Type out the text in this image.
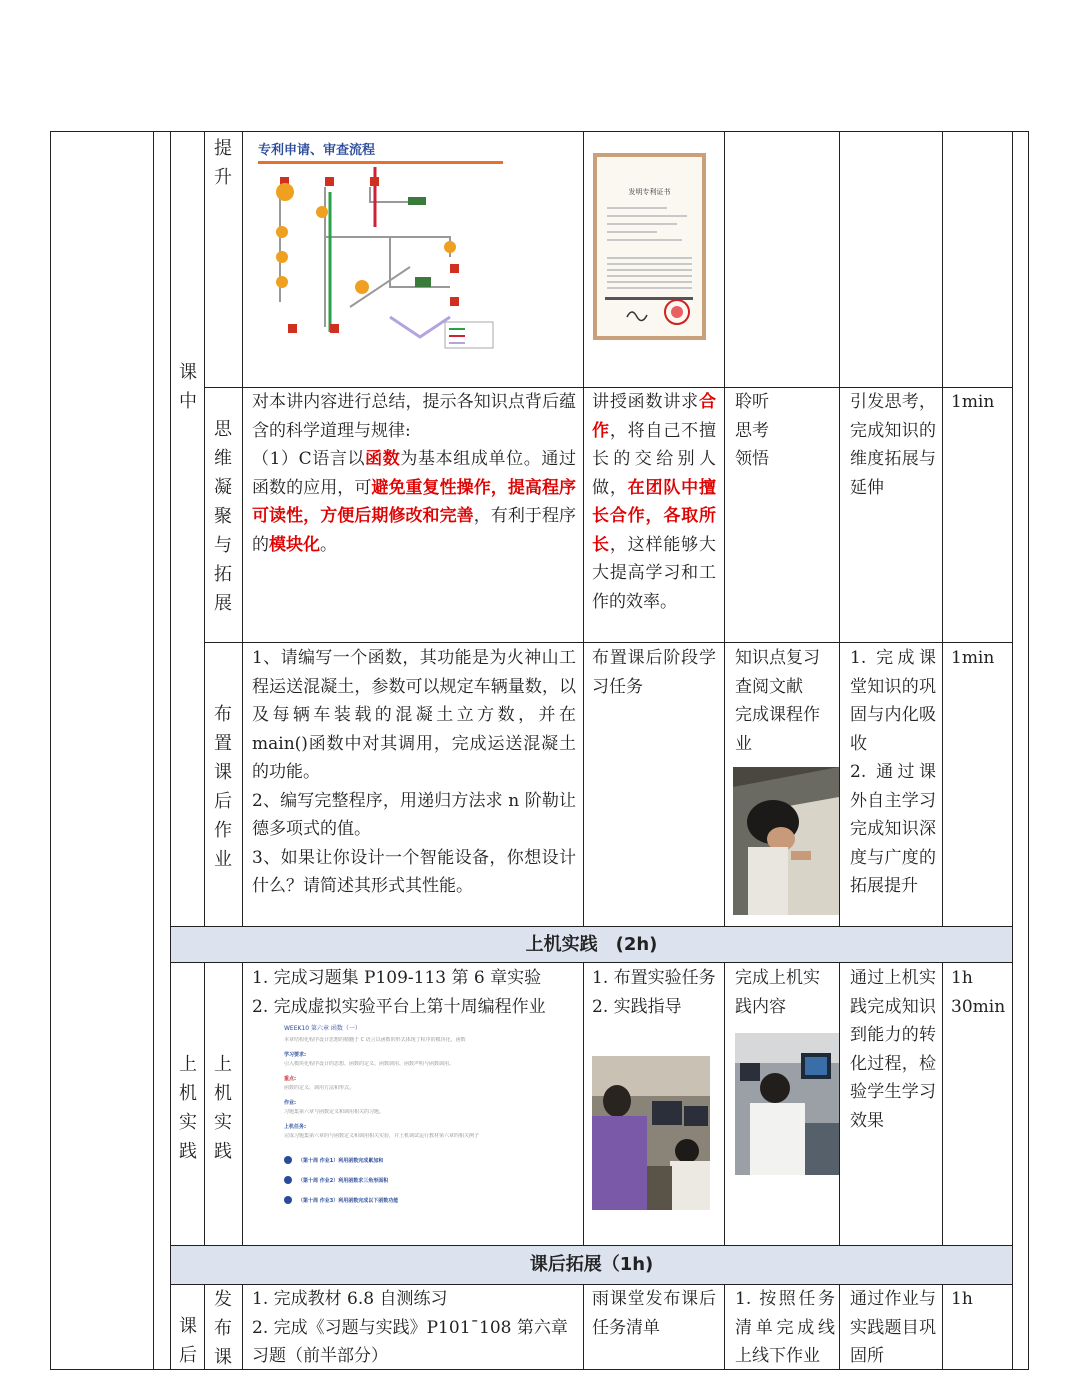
上机实践　(2h)
课后拓展（1h)
课中
上机实践
课后
提升
专利申请、审查流程
发明专利证书
思维凝聚与拓展

对本讲内容进行总结，提示各知识点背后蕴含的科学道理与规律:

（1）C语言以函数为基本组成单位。通过函数的应用，可避免重复性操作，提高程序可读性，方便后期修改和完善，有利于程序的模块化。

讲授函数讲求合作，将自己不擅长的交给别人做，在团队中擅长合作，各取所长，这样能够大大提高学习和工作的效率。
聆听
思考
领悟
引发思考，完成知识的维度拓展与延伸
1min
布置课后作业

1、请编写一个函数，其功能是为火神山工程运送混凝土，参数可以规定车辆量数，以及每辆车装载的混凝土立方数，并在 main()函数中对其调用，完成运送混凝土的功能。

2、编写完整程序，用递归方法求 n 阶勒让德多项式的值。

3、如果让你设计一个智能设备，你想设计什么？请简述其形式其性能。

布置课后阶段学习任务
知识点复习
查阅文献
完成课程作业
1. 完成课堂知识的巩固与内化吸收
2. 通过课外自主学习完成知识深度与广度的拓展提升
1min
上机实践
1. 完成习题集 P109-113 第 6 章实验
2. 完成虚拟实验平台上第十周编程作业
WEEK10 第六章 函数（一）
本章结构化程序设计思想的精髓于 C 语言以函数的形式体现了程序的模块化，函数
学习要求:
引入模块化程序设计的思想、函数的定义、函数调用、函数声明与函数调用。
重点:
函数的定义、调用方法和形式。
作业:
习题集第六章与函数定义和调用相关的习题。
上机任务:
完成习题集第六章的与函数定义和调用相关实验，并上机调试运行教材第六章的相关例子
（第十周 作业1）利用函数完成累加和
（第十周 作业2）利用函数求三角形面积
（第十周 作业3）利用函数完成以下函数功能
1. 布置实验任务
2. 实践指导
完成上机实践内容
通过上机实践完成知识到能力的转化过程，检验学生学习效果
1h 30min
发布课
1. 完成教材 6.8 自测练习
2. 完成《习题与实践》P101¯108 第六章习题（前半部分）
雨课堂发布课后任务清单
1. 按照任务清单完成线上线下作业
通过作业与实践题目巩固所
1h
